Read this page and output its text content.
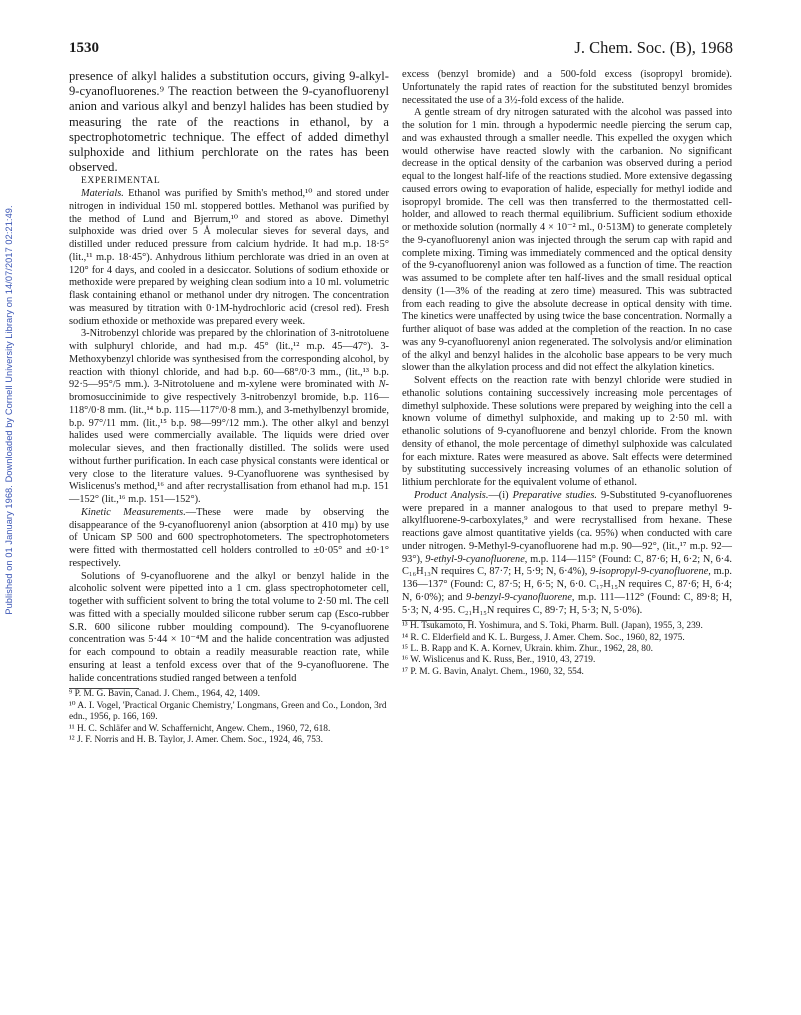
Published on 01 January 1968. Downloaded by Cornell University Library on 14/07/2017 02:21:49.
1530	J. Chem. Soc. (B), 1968

presence of alkyl halides a substitution occurs, giving 9-alkyl-9-cyanofluorenes.⁹ The reaction between the 9-cyanofluorenyl anion and various alkyl and benzyl halides has been studied by measuring the rate of the reactions in ethanol, by a spectrophotometric technique. The effect of added dimethyl sulphoxide and lithium perchlorate on the rates has been observed.

EXPERIMENTAL

Materials. Ethanol was purified by Smith's method,¹⁰ and stored under nitrogen in individual 150 ml. stoppered bottles. Methanol was purified by the method of Lund and Bjerrum,¹⁰ and stored as above. Dimethyl sulphoxide was dried over 5 Å molecular sieves for several days, and distilled under reduced pressure from calcium hydride. It had m.p. 18·5° (lit.,¹¹ m.p. 18·45°). Anhydrous lithium perchlorate was dried in an oven at 120° for 4 days, and cooled in a desiccator. Solutions of sodium ethoxide or methoxide were prepared by weighing clean sodium into a 10 ml. volumetric flask containing ethanol or methanol under dry nitrogen. The concentration was measured by titration with 0·1M-hydrochloric acid (cresol red). Fresh sodium ethoxide or methoxide was prepared every week.

3-Nitrobenzyl chloride was prepared by the chlorination of 3-nitrotoluene with sulphuryl chloride, and had m.p. 45° (lit.,¹² m.p. 45—47°). 3-Methoxybenzyl chloride was synthesised from the corresponding alcohol, by reaction with thionyl chloride, and had b.p. 60—68°/0·3 mm., (lit.,¹³ b.p. 92·5—95°/5 mm.). 3-Nitrotoluene and m-xylene were brominated with N-bromosuccinimide to give respectively 3-nitrobenzyl bromide, b.p. 116—118°/0·8 mm. (lit.,¹⁴ b.p. 115—117°/0·8 mm.), and 3-methylbenzyl bromide, b.p. 97°/11 mm. (lit.,¹⁵ b.p. 98—99°/12 mm.). The other alkyl and benzyl halides used were commercially available. The liquids were dried over molecular sieves, and then fractionally distilled. The solids were used without further purification. In each case physical constants were identical or very close to the literature values. 9-Cyanofluorene was synthesised by Wislicenus's method,¹⁶ and after recrystallisation from ethanol had m.p. 151—152° (lit.,¹⁶ m.p. 151—152°).

Kinetic Measurements.—These were made by observing the disappearance of the 9-cyanofluorenyl anion (absorption at 410 mμ) by use of Unicam SP 500 and 600 spectrophotometers. The spectrophotometers were fitted with thermostatted cell holders controlled to ±0·05° and ±0·1° respectively.

Solutions of 9-cyanofluorene and the alkyl or benzyl halide in the alcoholic solvent were pipetted into a 1 cm. glass spectrophotometer cell, together with sufficient solvent to bring the total volume to 2·50 ml. The cell was fitted with a specially moulded silicone rubber serum cap (Esco-rubber S.R. 600 silicone rubber moulding compound). The 9-cyanofluorene concentration was 5·44 × 10⁻⁴M and the halide concentration was adjusted for each compound to obtain a readily measurable reaction rate, while ensuring at least a tenfold excess over that of the 9-cyanofluorene. The halide concentrations studied ranged between a tenfold

⁹ P. M. G. Bavin, Canad. J. Chem., 1964, 42, 1409.
¹⁰ A. I. Vogel, 'Practical Organic Chemistry,' Longmans, Green and Co., London, 3rd edn., 1956, p. 166, 169.
¹¹ H. C. Schläfer and W. Schaffernicht, Angew. Chem., 1960, 72, 618.
¹² J. F. Norris and H. B. Taylor, J. Amer. Chem. Soc., 1924, 46, 753.

excess (benzyl bromide) and a 500-fold excess (isopropyl bromide). Unfortunately the rapid rates of reaction for the substituted benzyl bromides necessitated the use of a 3½-fold excess of the halide.

A gentle stream of dry nitrogen saturated with the alcohol was passed into the solution for 1 min. through a hypodermic needle piercing the serum cap, and was exhausted through a smaller needle. This expelled the oxygen which would otherwise have reacted slowly with the carbanion. No significant decrease in the optical density of the carbanion was observed during a period equal to the longest half-life of the reactions studied. More extensive degassing caused errors owing to evaporation of halide, especially for methyl iodide and isopropyl bromide. The cell was then transferred to the thermostatted cell-holder, and allowed to reach thermal equilibrium. Sufficient sodium ethoxide or methoxide solution (normally 4 × 10⁻² ml., 0·513M) to generate completely the 9-cyanofluorenyl anion was injected through the serum cap with rapid and complete mixing. Timing was immediately commenced and the optical density of the 9-cyanofluorenyl anion was followed as a function of time. The reaction was assumed to be complete after ten half-lives and the small residual optical density (1—3% of the reading at zero time) measured. This was subtracted from each reading to give the absolute decrease in optical density with time. The kinetics were unaffected by using twice the base concentration. Normally a further aliquot of base was added at the completion of the reaction. In no case was any 9-cyanofluorenyl anion regenerated. The solvolysis and/or elimination of the alkyl and benzyl halides in the alcoholic base appears to be very much slower than the alkylation process and did not effect the alkylation kinetics.

Solvent effects on the reaction rate with benzyl chloride were studied in ethanolic solutions containing successively increasing mole percentages of dimethyl sulphoxide. These solutions were prepared by weighing into the cell a known volume of dimethyl sulphoxide, and making up to 2·50 ml. with ethanolic solutions of 9-cyanofluorene and benzyl chloride. From the known density of ethanol, the mole percentage of dimethyl sulphoxide was calculated for each mixture. Rates were measured as above. Salt effects were determined by substituting successively increasing volumes of an ethanolic solution of lithium perchlorate for the equivalent volume of ethanol.

Product Analysis.—(i) Preparative studies. 9-Substituted 9-cyanofluorenes were prepared in a manner analogous to that used to prepare methyl 9-alkylfluorene-9-carboxylates,⁹ and were recrystallised from hexane. These reactions gave almost quantitative yields (ca. 95%) when conducted with care under nitrogen. 9-Methyl-9-cyanofluorene had m.p. 90—92°, (lit.,¹⁷ m.p. 92—93°), 9-ethyl-9-cyanofluorene, m.p. 114—115° (Found: C, 87·6; H, 6·2; N, 6·4. C₁₆H₁₃N requires C, 87·7; H, 5·9; N, 6·4%), 9-isopropyl-9-cyanofluorene, m.p. 136—137° (Found: C, 87·5; H, 6·5; N, 6·0. C₁₇H₁₅N requires C, 87·6; H, 6·4; N, 6·0%); and 9-benzyl-9-cyanofluorene, m.p. 111—112° (Found: C, 89·8; H, 5·3; N, 4·95. C₂₁H₁₅N requires C, 89·7; H, 5·3; N, 5·0%).

¹³ H. Tsukamoto, H. Yoshimura, and S. Toki, Pharm. Bull. (Japan), 1955, 3, 239.
¹⁴ R. C. Elderfield and K. L. Burgess, J. Amer. Chem. Soc., 1960, 82, 1975.
¹⁵ L. B. Rapp and K. A. Kornev, Ukrain. khim. Zhur., 1962, 28, 80.
¹⁶ W. Wislicenus and K. Russ, Ber., 1910, 43, 2719.
¹⁷ P. M. G. Bavin, Analyt. Chem., 1960, 32, 554.
